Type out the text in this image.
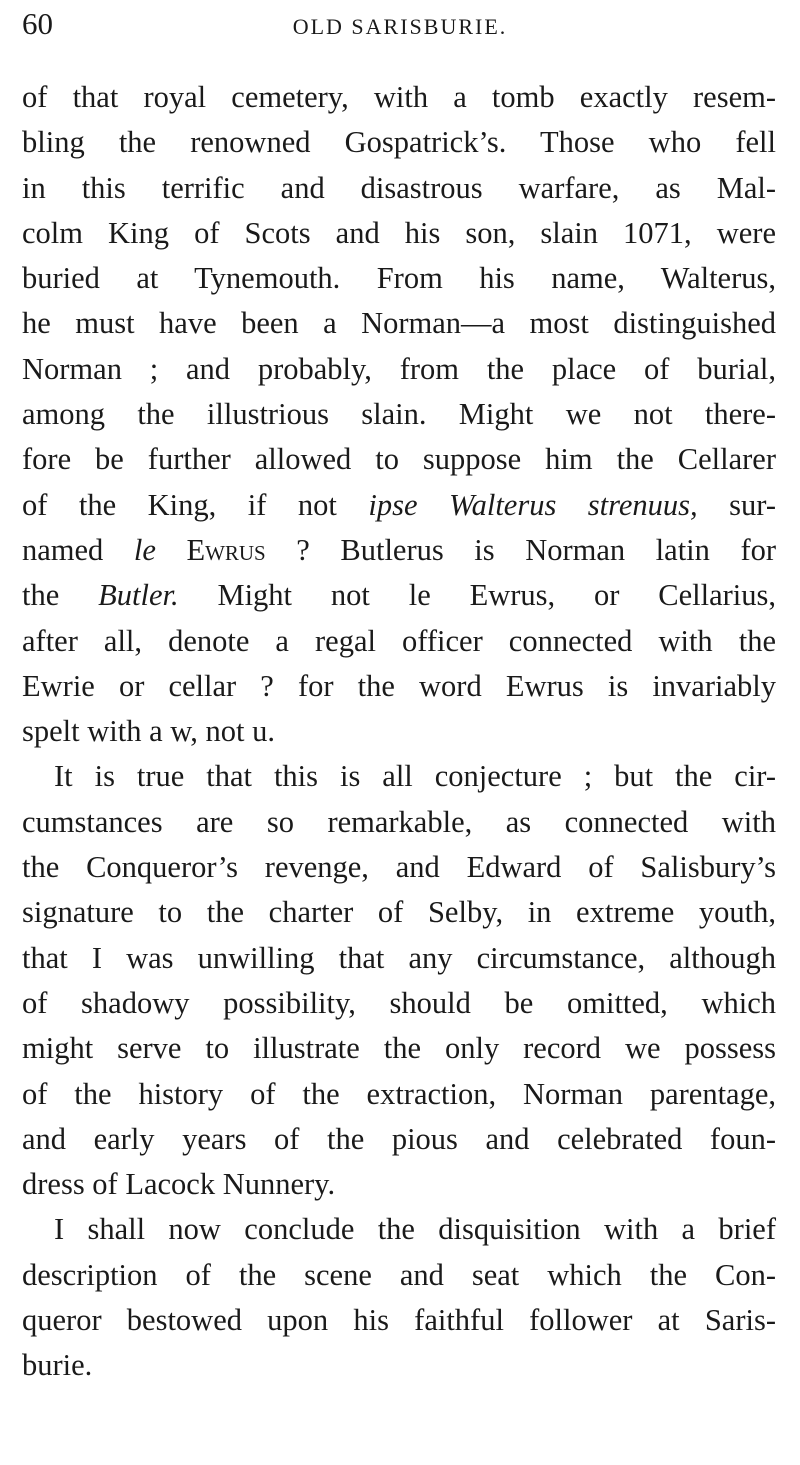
60	OLD SARISBURIE.
of that royal cemetery, with a tomb exactly resem-
bling the renowned Gospatrick’s. Those who fell
in this terrific and disastrous warfare, as Mal-
colm King of Scots and his son, slain 1071, were
buried at Tynemouth. From his name, Walterus,
he must have been a Norman—a most distinguished
Norman ; and probably, from the place of burial,
among the illustrious slain. Might we not there-
fore be further allowed to suppose him the Cellarer
of the King, if not ipse Walterus strenuus, sur-
named le Ewrus ? Butlerus is Norman latin for
the Butler. Might not le Ewrus, or Cellarius,
after all, denote a regal officer connected with the
Ewrie or cellar ? for the word Ewrus is invariably
spelt with a w, not u.
It is true that this is all conjecture ; but the cir-
cumstances are so remarkable, as connected with
the Conqueror’s revenge, and Edward of Salisbury’s
signature to the charter of Selby, in extreme youth,
that I was unwilling that any circumstance, although
of shadowy possibility, should be omitted, which
might serve to illustrate the only record we possess
of the history of the extraction, Norman parentage,
and early years of the pious and celebrated foun-
dress of Lacock Nunnery.
I shall now conclude the disquisition with a brief
description of the scene and seat which the Con-
queror bestowed upon his faithful follower at Saris-
burie.
